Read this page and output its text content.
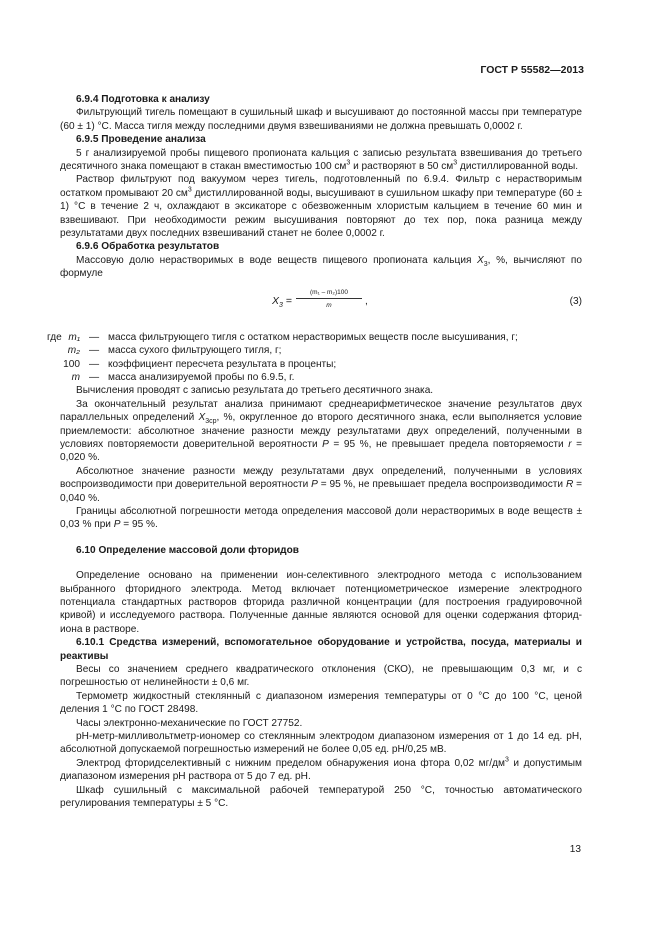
ГОСТ Р 55582—2013

6.9.4 Подготовка к анализу

Фильтрующий тигель помещают в сушильный шкаф и высушивают до постоянной массы при температуре (60 ± 1) °С. Масса тигля между последними двумя взвешиваниями не должна превышать 0,0002 г.

6.9.5 Проведение анализа

5 г анализируемой пробы пищевого пропионата кальция с записью результата взвешивания до третьего десятичного знака помещают в стакан вместимостью 100 $см^3$ и растворяют в 50 $см^3$ дистиллированной воды.

Раствор фильтруют под вакуумом через тигель, подготовленный по 6.9.4. Фильтр с нерастворимым остатком промывают 20 $см^3$ дистиллированной воды, высушивают в сушильном шкафу при температуре (60 ± 1) °С в течение 2 ч, охлаждают в эксикаторе с обезвоженным хлористым кальцием в течение 60 мин и взвешивают. При необходимости режим высушивания повторяют до тех пор, пока разница между результатами двух последних взвешиваний станет не более 0,0002 г.

6.9.6 Обработка результатов

Массовую долю нерастворимых в воде веществ пищевого пропионата кальция $X_3$, %, вычисляют по формуле

$X_3 = \frac{\text{(m₁ – m₂)100}}{m}$ ,	(3)
где m₁ — масса фильтрующего тигля с остатком нерастворимых веществ после высушивания, г;
m₂ — масса сухого фильтрующего тигля, г;
100 — коэффициент пересчета результата в проценты;
m — масса анализируемой пробы по 6.9.5, г.

Вычисления проводят с записью результата до третьего десятичного знака.

За окончательный результат анализа принимают среднеарифметическое значение результатов двух параллельных определений $X_{3ср}$, %, округленное до второго десятичного знака, если выполняется условие приемлемости: абсолютное значение разности между результатами двух определений, полученными в условиях повторяемости доверительной вероятности P = 95 %, не превышает предела повторяемости r = 0,020 %.

Абсолютное значение разности между результатами двух определений, полученными в условиях воспроизводимости при доверительной вероятности P = 95 %, не превышает предела воспроизводимости R = 0,040 %.

Границы абсолютной погрешности метода определения массовой доли нерастворимых в воде веществ ± 0,03 % при P = 95 %.

6.10 Определение массовой доли фторидов

Определение основано на применении ион-селективного электродного метода с использованием выбранного фторидного электрода. Метод включает потенциометрическое измерение электродного потенциала стандартных растворов фторида различной концентрации (для построения градуировочной кривой) и исследуемого раствора. Полученные данные являются основой для оценки содержания фторид-иона в растворе.

6.10.1 Средства измерений, вспомогательное оборудование и устройства, посуда, материалы и реактивы

Весы со значением среднего квадратического отклонения (СКО), не превышающим 0,3 мг, и с погрешностью от нелинейности ± 0,6 мг.

Термометр жидкостный стеклянный с диапазоном измерения температуры от 0 °С до 100 °С, ценой деления 1 °С по ГОСТ 28498.

Часы электронно-механические по ГОСТ 27752.

рН-метр-милливольтметр-иономер со стеклянным электродом диапазоном измерения от 1 до 14 ед. рН, абсолютной допускаемой погрешностью измерений не более 0,05 ед. рН/0,25 мВ.

Электрод фторидселективный с нижним пределом обнаружения иона фтора 0,02 $мг/дм^3$ и допустимым диапазоном измерения рН раствора от 5 до 7 ед. рН.

Шкаф сушильный с максимальной рабочей температурой 250 °С, точностью автоматического регулирования температуры ± 5 °С.

13
